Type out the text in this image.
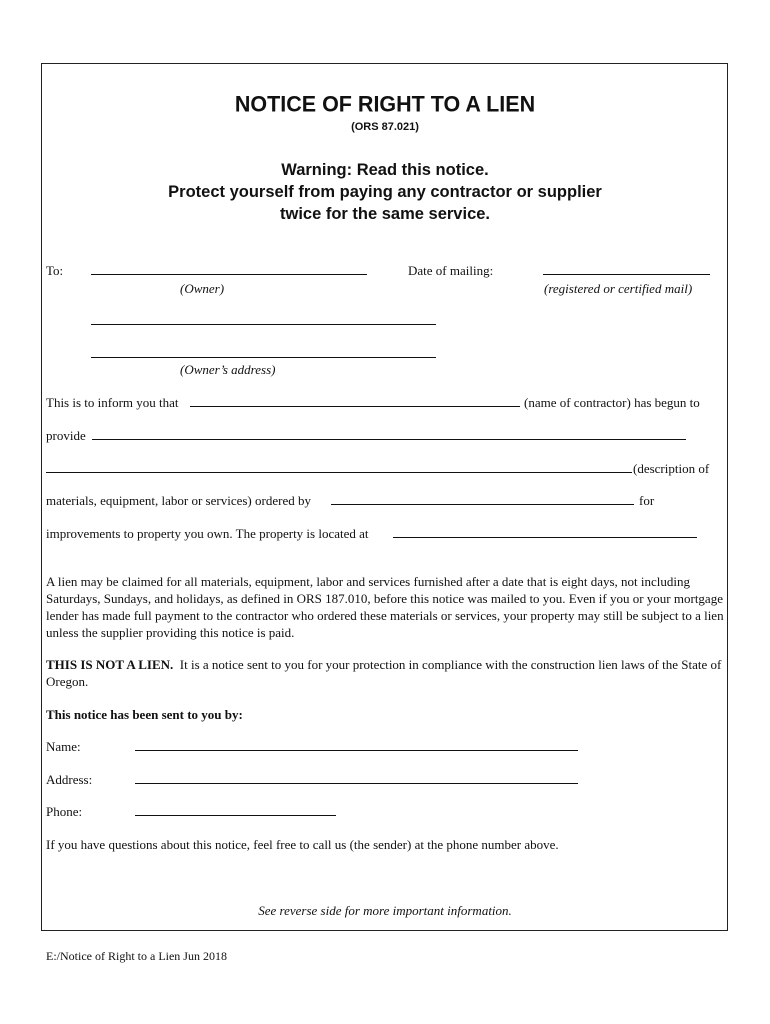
NOTICE OF RIGHT TO A LIEN
(ORS 87.021)
Warning: Read this notice.
Protect yourself from paying any contractor or supplier
twice for the same service.
To:
(Owner)
Date of mailing:
(registered or certified mail)
(Owner’s address)
This is to inform you that	(name of contractor) has begun to
provide
(description of
materials, equipment, labor or services) ordered by	for
improvements to property you own. The property is located at
A lien may be claimed for all materials, equipment, labor and services furnished after a date that is eight days, not including Saturdays, Sundays, and holidays, as defined in ORS 187.010, before this notice was mailed to you. Even if you or your mortgage lender has made full payment to the contractor who ordered these materials or services, your property may still be subject to a lien unless the supplier providing this notice is paid.
THIS IS NOT A LIEN. It is a notice sent to you for your protection in compliance with the construction lien laws of the State of Oregon.
This notice has been sent to you by:
Name:
Address:
Phone:
If you have questions about this notice, feel free to call us (the sender) at the phone number above.
See reverse side for more important information.
E:/Notice of Right to a Lien Jun 2018
